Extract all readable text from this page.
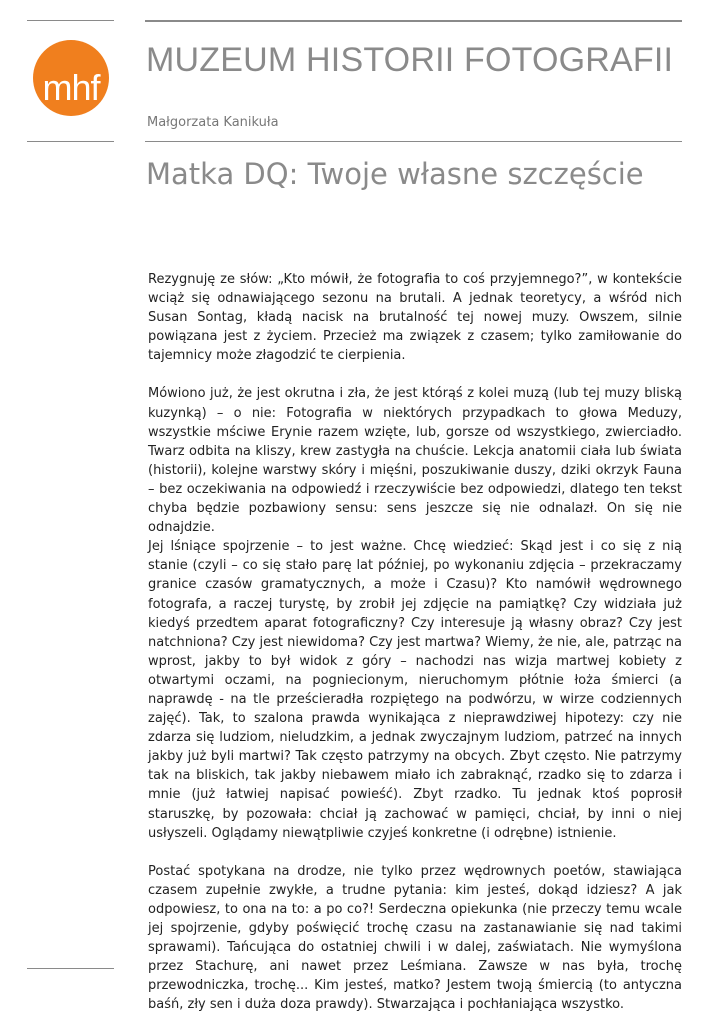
mhf
MUZEUM HISTORII FOTOGRAFII
Małgorzata Kanikuła
Matka DQ: Twoje własne szczęście

Rezygnuję ze słów: „Kto mówił, że fotografia to coś przyjemnego?”, w kontekście wciąż się odnawiającego sezonu na brutali. A jednak teoretycy, a wśród nich Susan Sontag, kładą nacisk na brutalność tej nowej muzy. Owszem, silnie powiązana jest z życiem. Przecież ma związek z czasem; tylko zamiłowanie do tajemnicy może złagodzić te cierpienia.

Mówiono już, że jest okrutna i zła, że jest którąś z kolei muzą (lub tej muzy bliską kuzynką) – o nie: Fotografia w niektórych przypadkach to głowa Meduzy, wszystkie mściwe Erynie razem wzięte, lub, gorsze od wszystkiego, zwierciadło. Twarz odbita na kliszy, krew zastygła na chuście. Lekcja anatomii ciała lub świata (historii), kolejne warstwy skóry i mięśni, poszukiwanie duszy, dziki okrzyk Fauna – bez oczekiwania na odpowiedź i rzeczywiście bez odpowiedzi, dlatego ten tekst chyba będzie pozbawiony sensu: sens jeszcze się nie odnalazł. On się nie odnajdzie.

Jej lśniące spojrzenie – to jest ważne. Chcę wiedzieć: Skąd jest i co się z nią stanie (czyli – co się stało parę lat później, po wykonaniu zdjęcia – przekraczamy granice czasów gramatycznych, a może i Czasu)? Kto namówił wędrownego fotografa, a raczej turystę, by zrobił jej zdjęcie na pamiątkę? Czy widziała już kiedyś przedtem aparat fotograficzny? Czy interesuje ją własny obraz? Czy jest natchniona? Czy jest niewidoma? Czy jest martwa? Wiemy, że nie, ale, patrząc na wprost, jakby to był widok z góry – nachodzi nas wizja martwej kobiety z otwartymi oczami, na pogniecionym, nieruchomym płótnie łoża śmierci (a naprawdę - na tle prześcieradła rozpiętego na podwórzu, w wirze codziennych zajęć). Tak, to szalona prawda wynikająca z nieprawdziwej hipotezy: czy nie zdarza się ludziom, nieludzkim, a jednak zwyczajnym ludziom, patrzeć na innych jakby już byli martwi? Tak często patrzymy na obcych. Zbyt często. Nie patrzymy tak na bliskich, tak jakby niebawem miało ich zabraknąć, rzadko się to zdarza i mnie (już łatwiej napisać powieść). Zbyt rzadko. Tu jednak ktoś poprosił staruszkę, by pozowała: chciał ją zachować w pamięci, chciał, by inni o niej usłyszeli. Oglądamy niewątpliwie czyjeś konkretne (i odrębne) istnienie.

Postać spotykana na drodze, nie tylko przez wędrownych poetów, stawiająca czasem zupełnie zwykłe, a trudne pytania: kim jesteś, dokąd idziesz? A jak odpowiesz, to ona na to: a po co?! Serdeczna opiekunka (nie przeczy temu wcale jej spojrzenie, gdyby poświęcić trochę czasu na zastanawianie się nad takimi sprawami). Tańcująca do ostatniej chwili i w dalej, zaświatach. Nie wymyślona przez Stachurę, ani nawet przez Leśmiana. Zawsze w nas była, trochę przewodniczka, trochę... Kim jesteś, matko? Jestem twoją śmiercią (to antyczna baśń, zły sen i duża doza prawdy). Stwarzająca i pochłaniająca wszystko.
